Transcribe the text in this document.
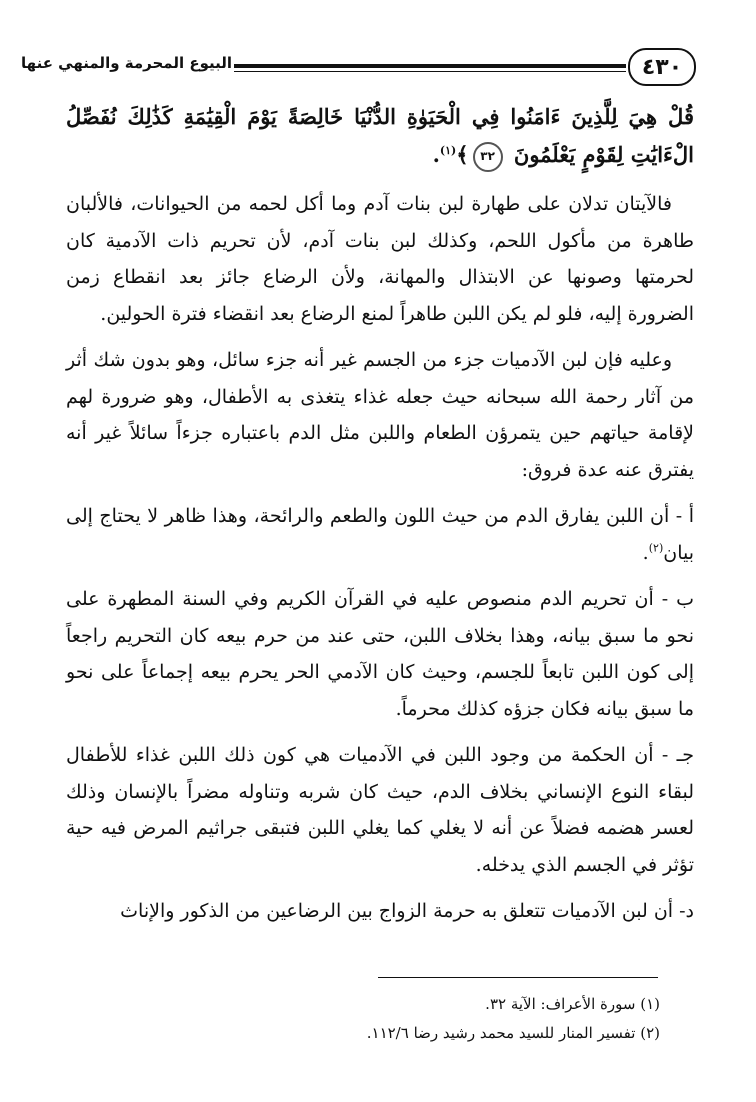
٤٣٠
البيوع المحرمة والمنهي عنها

قُلْ هِيَ لِلَّذِينَ ءَامَنُوا فِي الْحَيَوٰةِ الدُّنْيَا خَالِصَةً يَوْمَ الْقِيَٰمَةِ كَذَٰلِكَ نُفَصِّلُ الْءَايَٰتِ لِقَوْمٍ يَعْلَمُونَ ٣٢﴾$^{(١)}$.

فالآيتان تدلان على طهارة لبن بنات آدم وما أكل لحمه من الحيوانات، فالألبان طاهرة من مأكول اللحم، وكذلك لبن بنات آدم، لأن تحريم ذات الآدمية كان لحرمتها وصونها عن الابتذال والمهانة، ولأن الرضاع جائز بعد انقطاع زمن الضرورة إليه، فلو لم يكن اللبن طاهراً لمنع الرضاع بعد انقضاء فترة الحولين.

وعليه فإن لبن الآدميات جزء من الجسم غير أنه جزء سائل، وهو بدون شك أثر من آثار رحمة الله سبحانه حيث جعله غذاء يتغذى به الأطفال، وهو ضرورة لهم لإقامة حياتهم حين يتمرؤن الطعام واللبن مثل الدم باعتباره جزءاً سائلاً غير أنه يفترق عنه عدة فروق:

أ - أن اللبن يفارق الدم من حيث اللون والطعم والرائحة، وهذا ظاهر لا يحتاج إلى بيان$^{(٢)}$.

ب - أن تحريم الدم منصوص عليه في القرآن الكريم وفي السنة المطهرة على نحو ما سبق بيانه، وهذا بخلاف اللبن، حتى عند من حرم بيعه كان التحريم راجعاً إلى كون اللبن تابعاً للجسم، وحيث كان الآدمي الحر يحرم بيعه إجماعاً على نحو ما سبق بيانه فكان جزؤه كذلك محرماً.

جـ - أن الحكمة من وجود اللبن في الآدميات هي كون ذلك اللبن غذاء للأطفال لبقاء النوع الإنساني بخلاف الدم، حيث كان شربه وتناوله مضراً بالإنسان وذلك لعسر هضمه فضلاً عن أنه لا يغلي كما يغلي اللبن فتبقى جراثيم المرض فيه حية تؤثر في الجسم الذي يدخله.

د- أن لبن الآدميات تتعلق به حرمة الزواج بين الرضاعين من الذكور والإناث

(١) سورة الأعراف: الآية ٣٢.

(٢) تفسير المنار للسيد محمد رشيد رضا ١١٢/٦.
